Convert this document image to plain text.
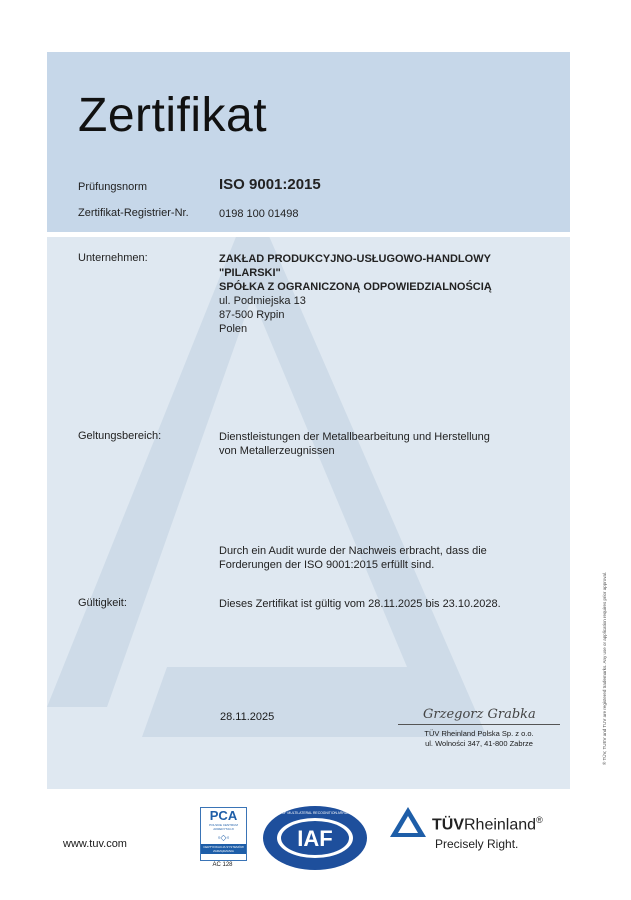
Zertifikat
Prüfungsnorm	ISO 9001:2015
Zertifikat-Registrier-Nr.	0198 100 01498
Unternehmen:	ZAKŁAD PRODUKCYJNO-USŁUGOWO-HANDLOWY
"PILARSKI"
SPÓŁKA Z OGRANICZONĄ ODPOWIEDZIALNOŚCIĄ
ul. Podmiejska 13
87-500 Rypin
Polen
Geltungsbereich:	Dienstleistungen der Metallbearbeitung und Herstellung
von Metallerzeugnissen
Durch ein Audit wurde der Nachweis erbracht, dass die
Forderungen der ISO 9001:2015 erfüllt sind.
Gültigkeit:	Dieses Zertifikat ist gültig vom 28.11.2025 bis 23.10.2028.
28.11.2025	Grzegorz Grabka
TÜV Rheinland Polska Sp. z o.o.
ul. Wolności 347, 41-800 Zabrze	® TÜV, TUEV and TUV are registered trademarks. Any use or application requires prior approval.
www.tuv.com
PCA
POLSKIE CENTRUM AKREDYTACJI
◦◇◦
CERTYFIKACJA SYSTEMÓW ZARZĄDZANIA
AC 128
IAF
MEMBER OF MULTILATERAL RECOGNITION ARRANGEMENT
TÜVRheinland®
Precisely Right.
